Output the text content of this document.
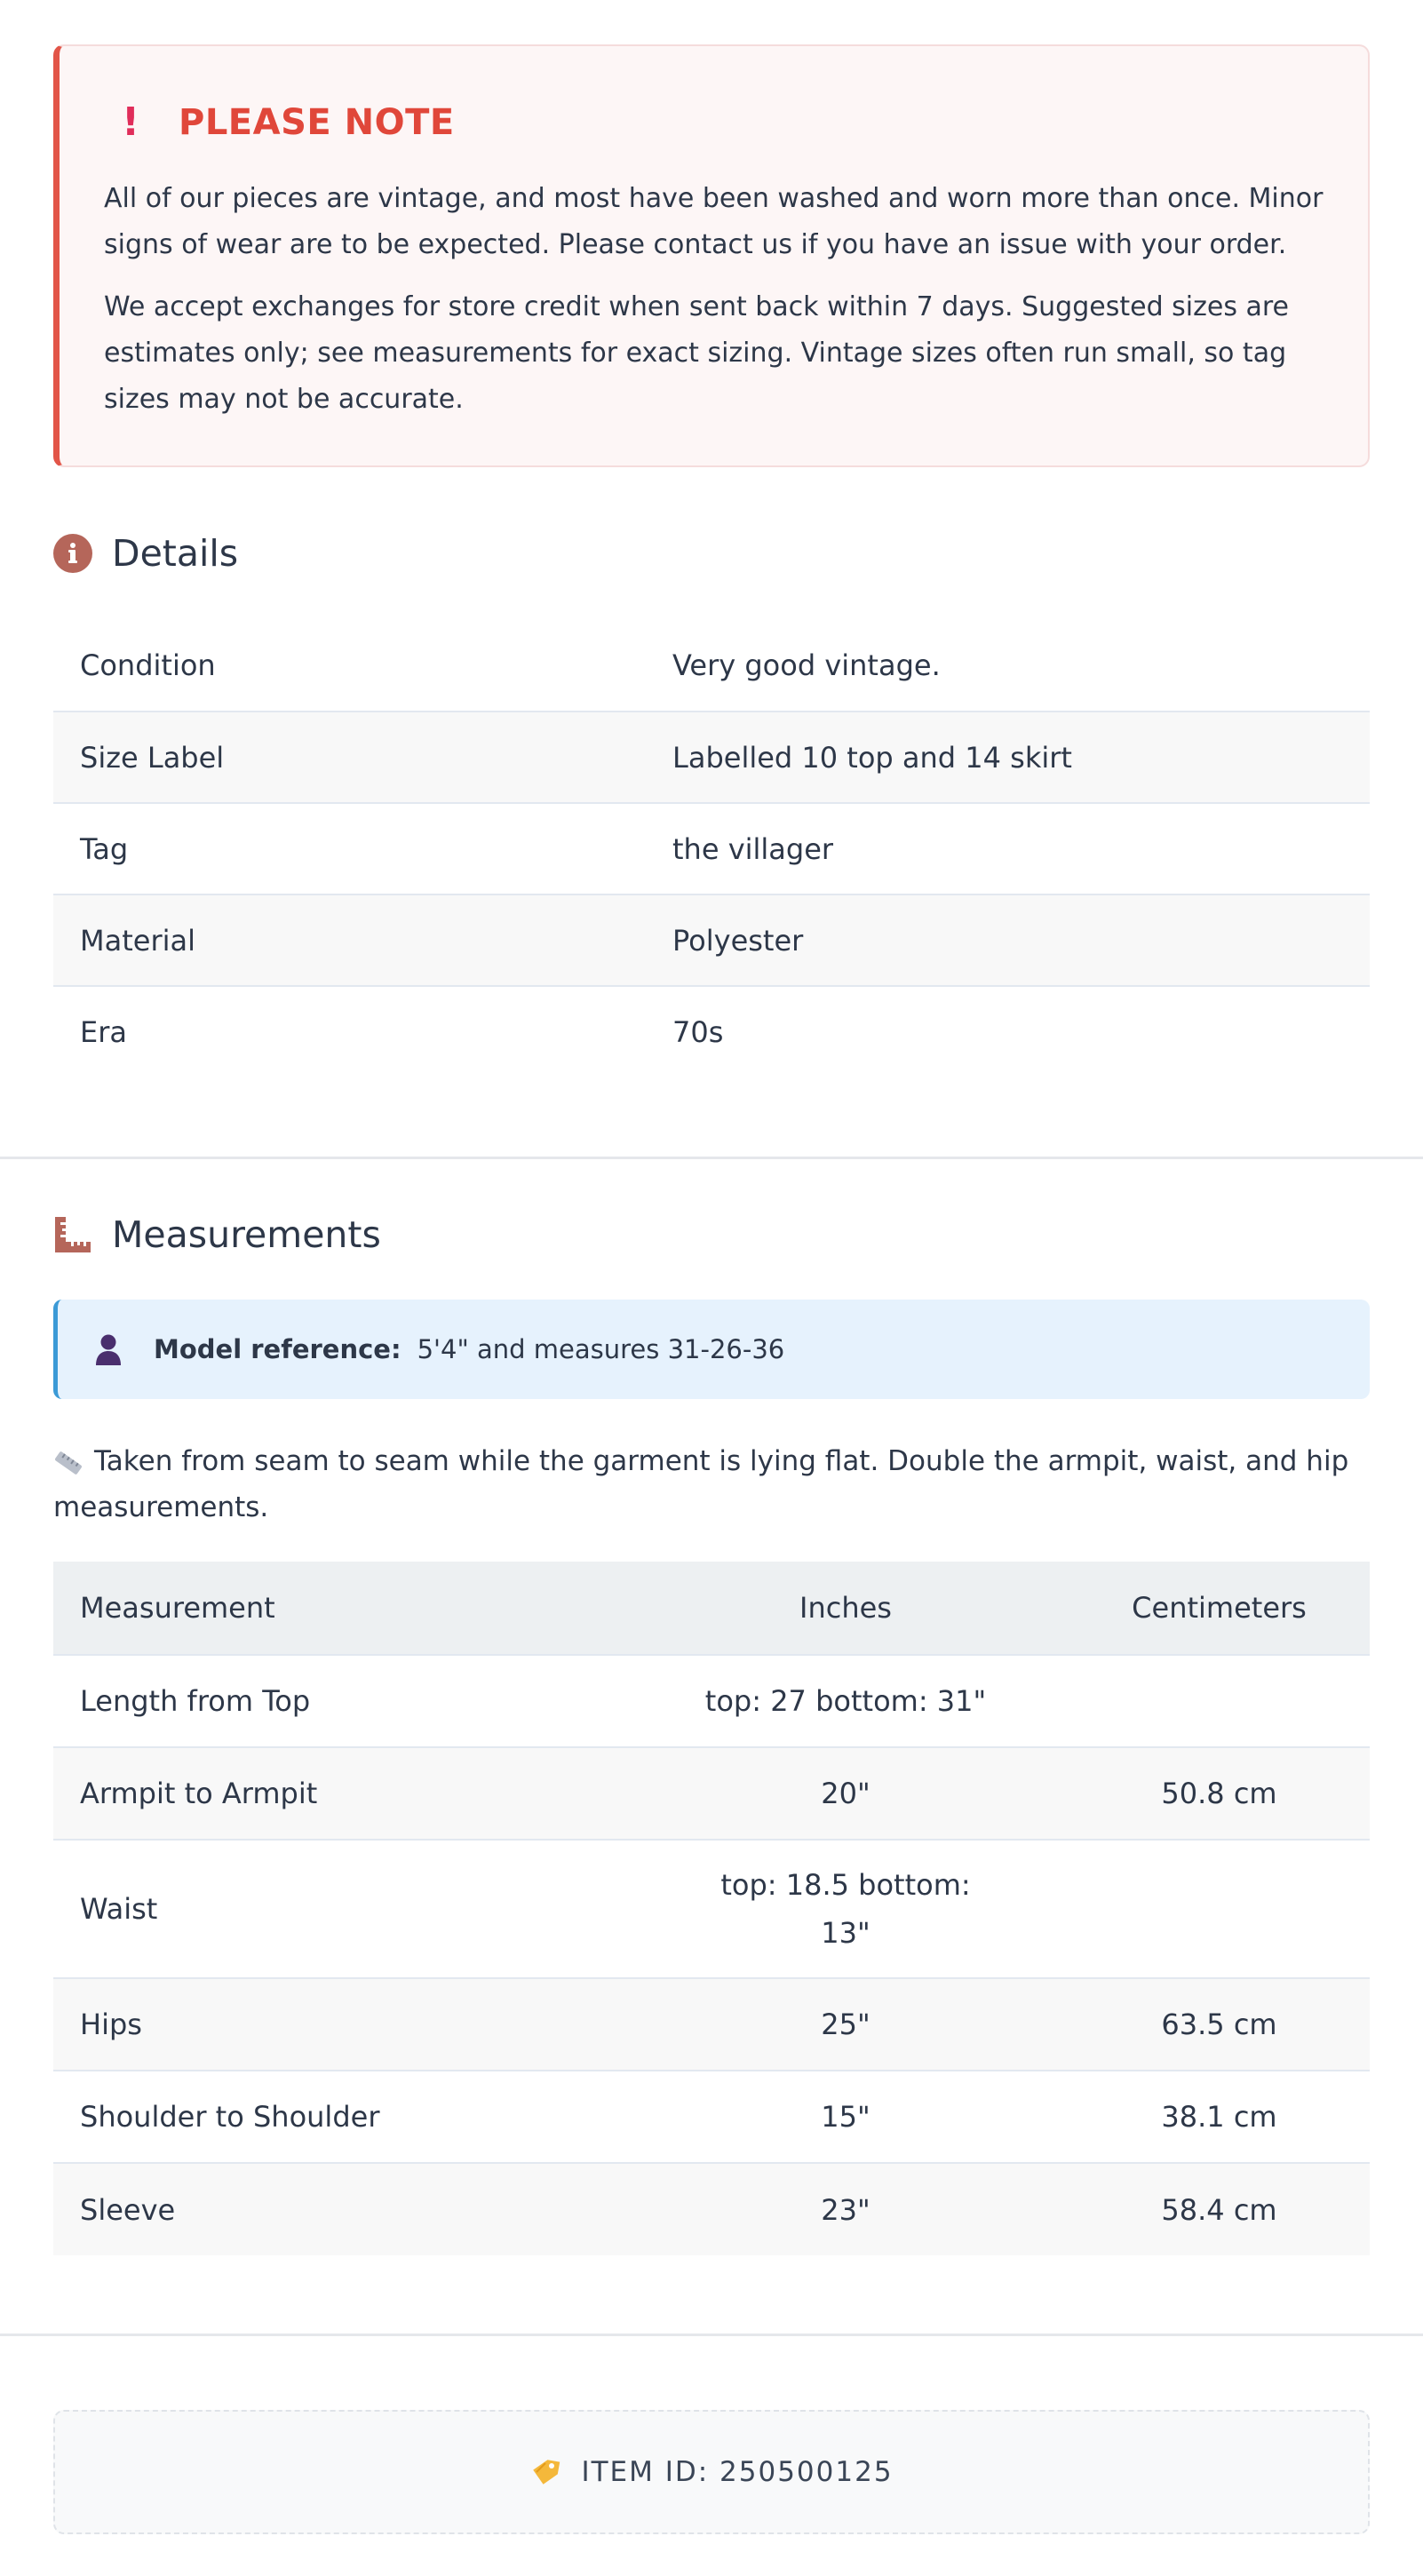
! PLEASE NOTE

All of our pieces are vintage, and most have been washed and worn more than once. Minor signs of wear are to be expected. Please contact us if you have an issue with your order.

We accept exchanges for store credit when sent back within 7 days. Suggested sizes are estimates only; see measurements for exact sizing. Vintage sizes often run small, so tag sizes may not be accurate.

Details
Condition	Very good vintage.
Size Label	Labelled 10 top and 14 skirt
Tag	the villager
Material	Polyester
Era	70s
Measurements
Model reference: 5'4" and measures 31-26-36
Taken from seam to seam while the garment is lying flat. Double the armpit, waist, and hip measurements.
Measurement	Inches	Centimeters
Length from Top	top: 27 bottom: 31"	
Armpit to Armpit	20"	50.8 cm
Waist	top: 18.5 bottom: 13"	
Hips	25"	63.5 cm
Shoulder to Shoulder	15"	38.1 cm
Sleeve	23"	58.4 cm
ITEM ID: 250500125
